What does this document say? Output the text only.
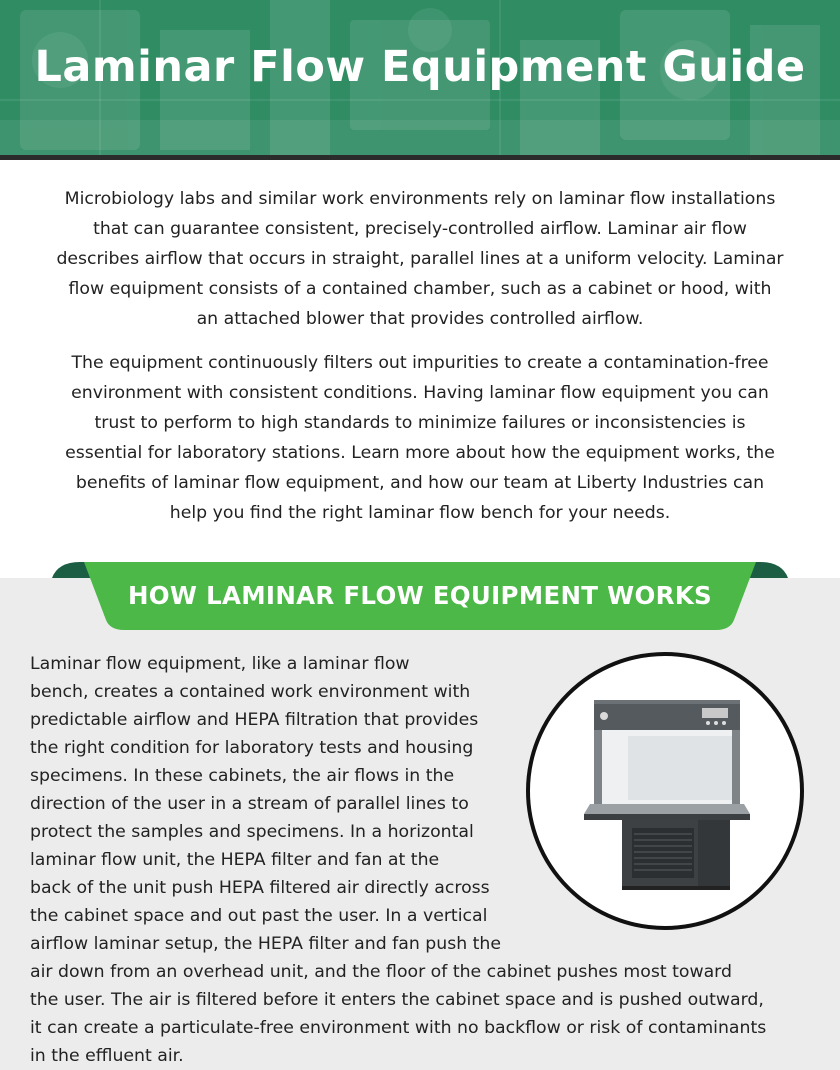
Laminar Flow Equipment Guide

Microbiology labs and similar work environments rely on laminar flow installations
that can guarantee consistent, precisely-controlled airflow. Laminar air flow
describes airflow that occurs in straight, parallel lines at a uniform velocity. Laminar
flow equipment consists of a contained chamber, such as a cabinet or hood, with
an attached blower that provides controlled airflow.

The equipment continuously filters out impurities to create a contamination-free
environment with consistent conditions. Having laminar flow equipment you can
trust to perform to high standards to minimize failures or inconsistencies is
essential for laboratory stations. Learn more about how the equipment works, the
benefits of laminar flow equipment, and how our team at Liberty Industries can
help you find the right laminar flow bench for your needs.

HOW LAMINAR FLOW EQUIPMENT WORKS
Laminar flow equipment, like a laminar flow
bench, creates a contained work environment with
predictable airflow and HEPA filtration that provides
the right condition for laboratory tests and housing
specimens. In these cabinets, the air flows in the
direction of the user in a stream of parallel lines to
protect the samples and specimens. In a horizontal
laminar flow unit, the HEPA filter and fan at the
back of the unit push HEPA filtered air directly across
the cabinet space and out past the user. In a vertical
airflow laminar setup, the HEPA filter and fan push the
air down from an overhead unit, and the floor of the cabinet pushes most toward
the user. The air is filtered before it enters the cabinet space and is pushed outward,
it can create a particulate-free environment with no backflow or risk of contaminants
in the effluent air.
